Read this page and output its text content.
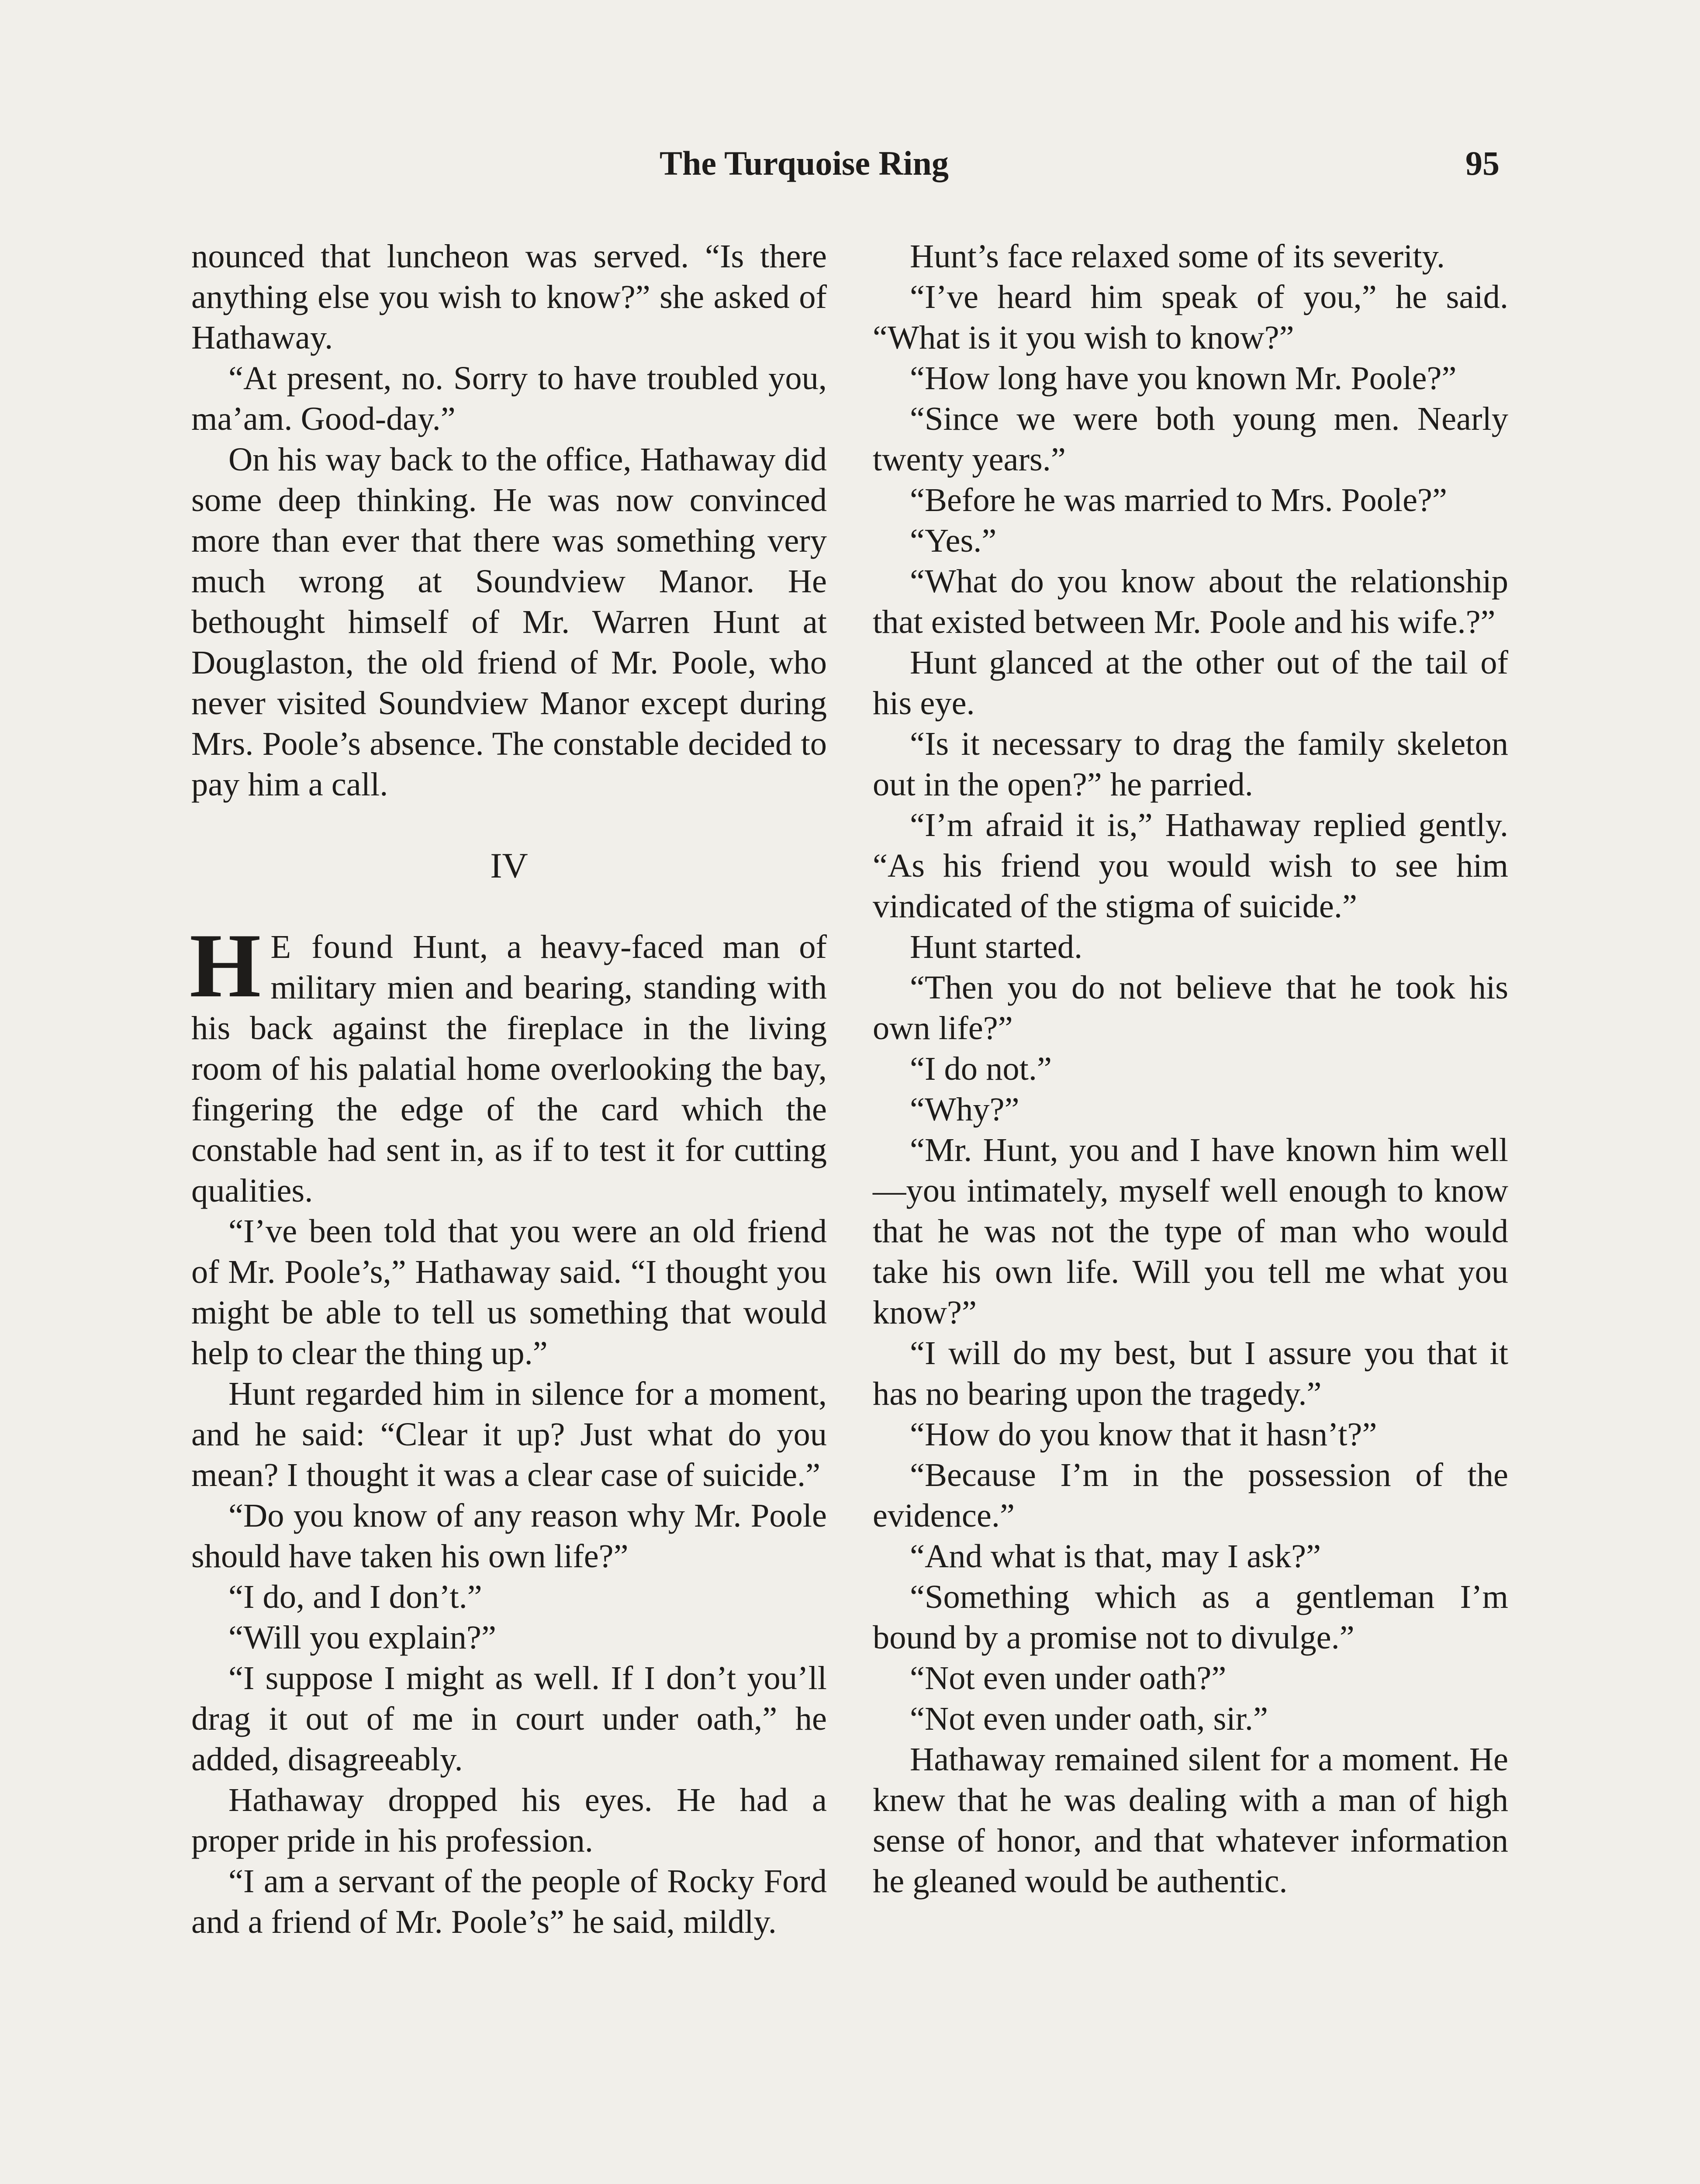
The Turquoise Ring	95

nounced that luncheon was served. “Is there anything else you wish to know?” she asked of Hathaway.

“At present, no. Sorry to have troubled you, ma’am. Good-day.”

On his way back to the office, Hathaway did some deep thinking. He was now convinced more than ever that there was something very much wrong at Soundview Manor. He bethought himself of Mr. Warren Hunt at Douglaston, the old friend of Mr. Poole, who never visited Soundview Manor except during Mrs. Poole’s absence. The constable decided to pay him a call.

IV

H E found Hunt, a heavy-faced man of military mien and bearing, standing with his back against the fireplace in the living room of his palatial home overlooking the bay, fingering the edge of the card which the constable had sent in, as if to test it for cutting qualities.

“I’ve been told that you were an old friend of Mr. Poole’s,” Hathaway said. “I thought you might be able to tell us something that would help to clear the thing up.”

Hunt regarded him in silence for a moment, and he said: “Clear it up? Just what do you mean? I thought it was a clear case of suicide.”

“Do you know of any reason why Mr. Poole should have taken his own life?”

“I do, and I don’t.”

“Will you explain?”

“I suppose I might as well. If I don’t you’ll drag it out of me in court under oath,” he added, disagreeably.

Hathaway dropped his eyes. He had a proper pride in his profession.

“I am a servant of the people of Rocky Ford and a friend of Mr. Poole’s” he said, mildly.

Hunt’s face relaxed some of its severity.

“I’ve heard him speak of you,” he said. “What is it you wish to know?”

“How long have you known Mr. Poole?”

“Since we were both young men. Nearly twenty years.”

“Before he was married to Mrs. Poole?”

“Yes.”

“What do you know about the relationship that existed between Mr. Poole and his wife.?”

Hunt glanced at the other out of the tail of his eye.

“Is it necessary to drag the family skeleton out in the open?” he parried.

“I’m afraid it is,” Hathaway replied gently. “As his friend you would wish to see him vindicated of the stigma of suicide.”

Hunt started.

“Then you do not believe that he took his own life?”

“I do not.”

“Why?”

“Mr. Hunt, you and I have known him well—you intimately, myself well enough to know that he was not the type of man who would take his own life. Will you tell me what you know?”

“I will do my best, but I assure you that it has no bearing upon the tragedy.”

“How do you know that it hasn’t?”

“Because I’m in the possession of the evidence.”

“And what is that, may I ask?”

“Something which as a gentleman I’m bound by a promise not to divulge.”

“Not even under oath?”

“Not even under oath, sir.”

Hathaway remained silent for a moment. He knew that he was dealing with a man of high sense of honor, and that whatever information he gleaned would be authentic.
